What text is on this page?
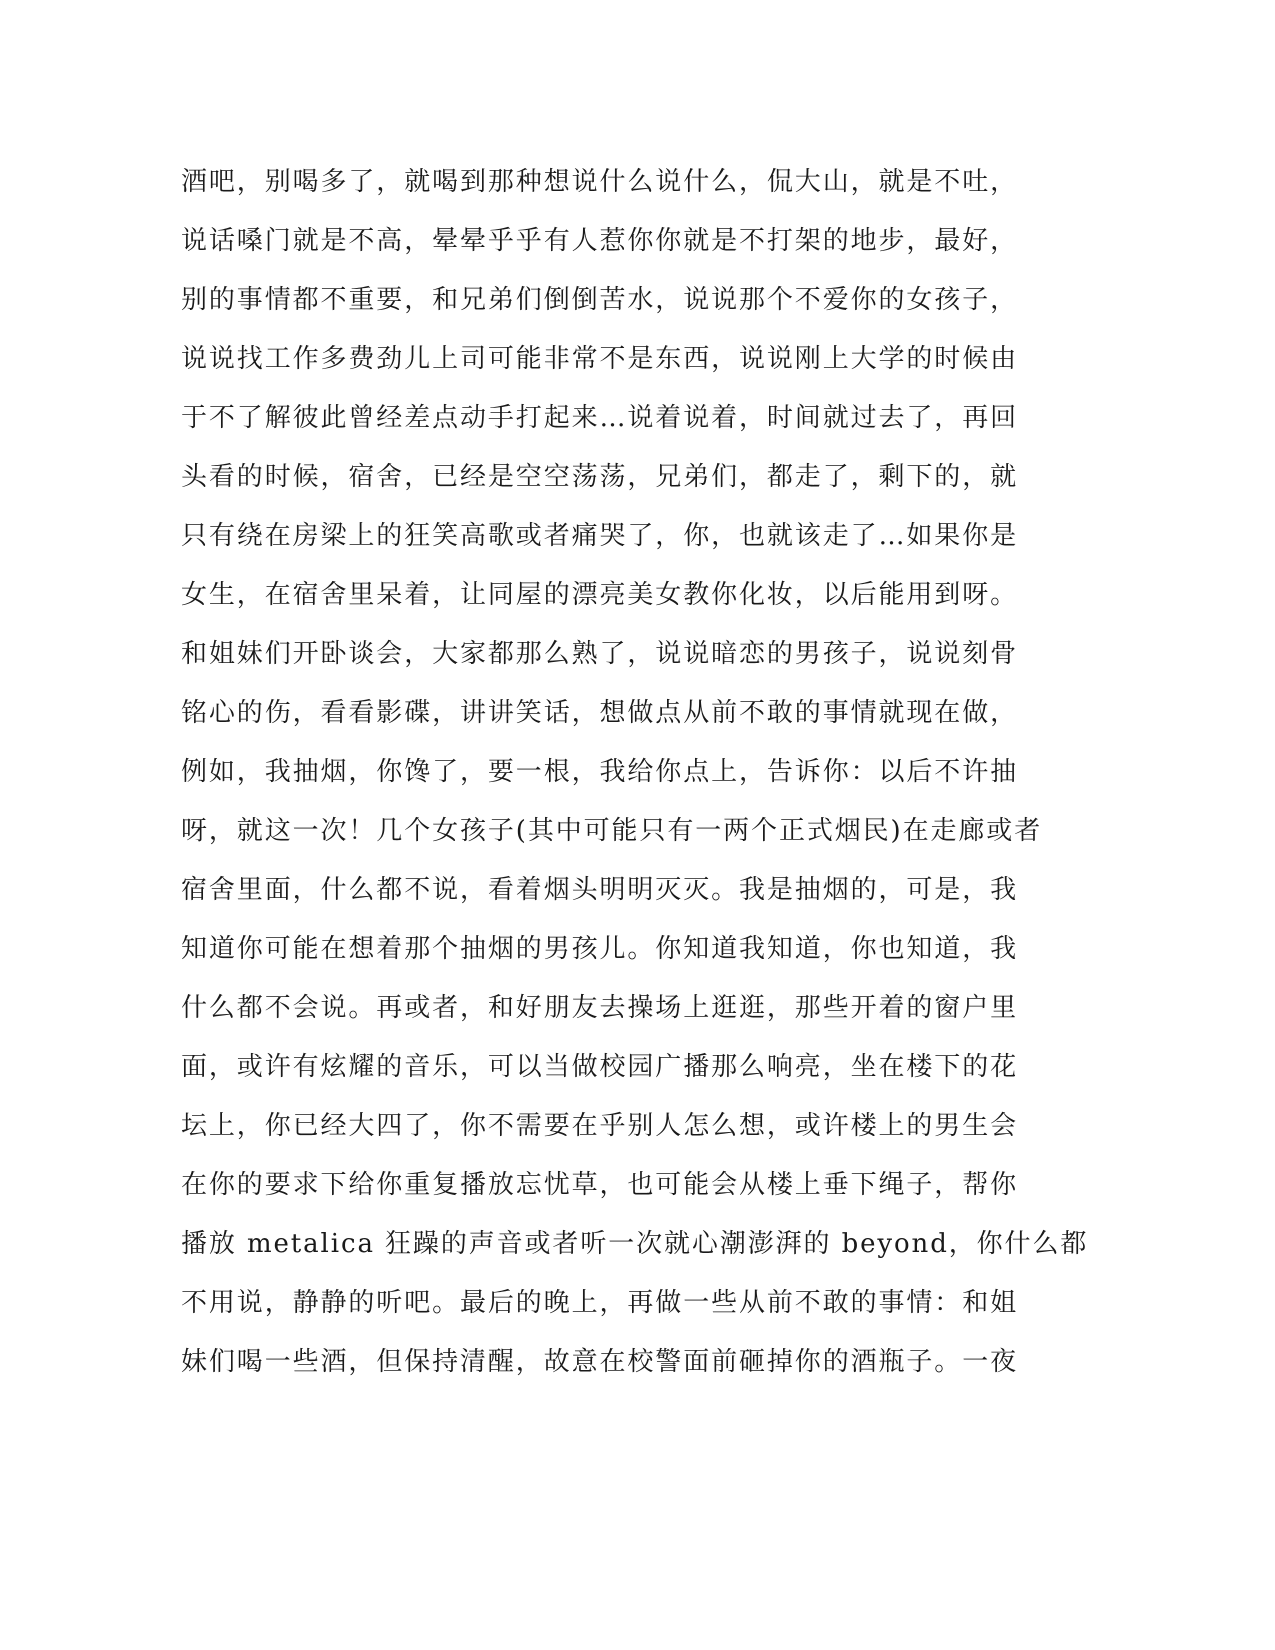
酒吧，别喝多了，就喝到那种想说什么说什么，侃大山，就是不吐，
说话嗓门就是不高，晕晕乎乎有人惹你你就是不打架的地步，最好，
别的事情都不重要，和兄弟们倒倒苦水，说说那个不爱你的女孩子，
说说找工作多费劲儿上司可能非常不是东西，说说刚上大学的时候由
于不了解彼此曾经差点动手打起来…说着说着，时间就过去了，再回
头看的时候，宿舍，已经是空空荡荡，兄弟们，都走了，剩下的，就
只有绕在房梁上的狂笑高歌或者痛哭了，你，也就该走了…如果你是
女生，在宿舍里呆着，让同屋的漂亮美女教你化妆，以后能用到呀。
和姐妹们开卧谈会，大家都那么熟了，说说暗恋的男孩子，说说刻骨
铭心的伤，看看影碟，讲讲笑话，想做点从前不敢的事情就现在做，
例如，我抽烟，你馋了，要一根，我给你点上，告诉你：以后不许抽
呀，就这一次！几个女孩子(其中可能只有一两个正式烟民)在走廊或者
宿舍里面，什么都不说，看着烟头明明灭灭。我是抽烟的，可是，我
知道你可能在想着那个抽烟的男孩儿。你知道我知道，你也知道，我
什么都不会说。再或者，和好朋友去操场上逛逛，那些开着的窗户里
面，或许有炫耀的音乐，可以当做校园广播那么响亮，坐在楼下的花
坛上，你已经大四了，你不需要在乎别人怎么想，或许楼上的男生会
在你的要求下给你重复播放忘忧草，也可能会从楼上垂下绳子，帮你
播放 metalica 狂躁的声音或者听一次就心潮澎湃的 beyond，你什么都
不用说，静静的听吧。最后的晚上，再做一些从前不敢的事情：和姐
妹们喝一些酒，但保持清醒，故意在校警面前砸掉你的酒瓶子。一夜
